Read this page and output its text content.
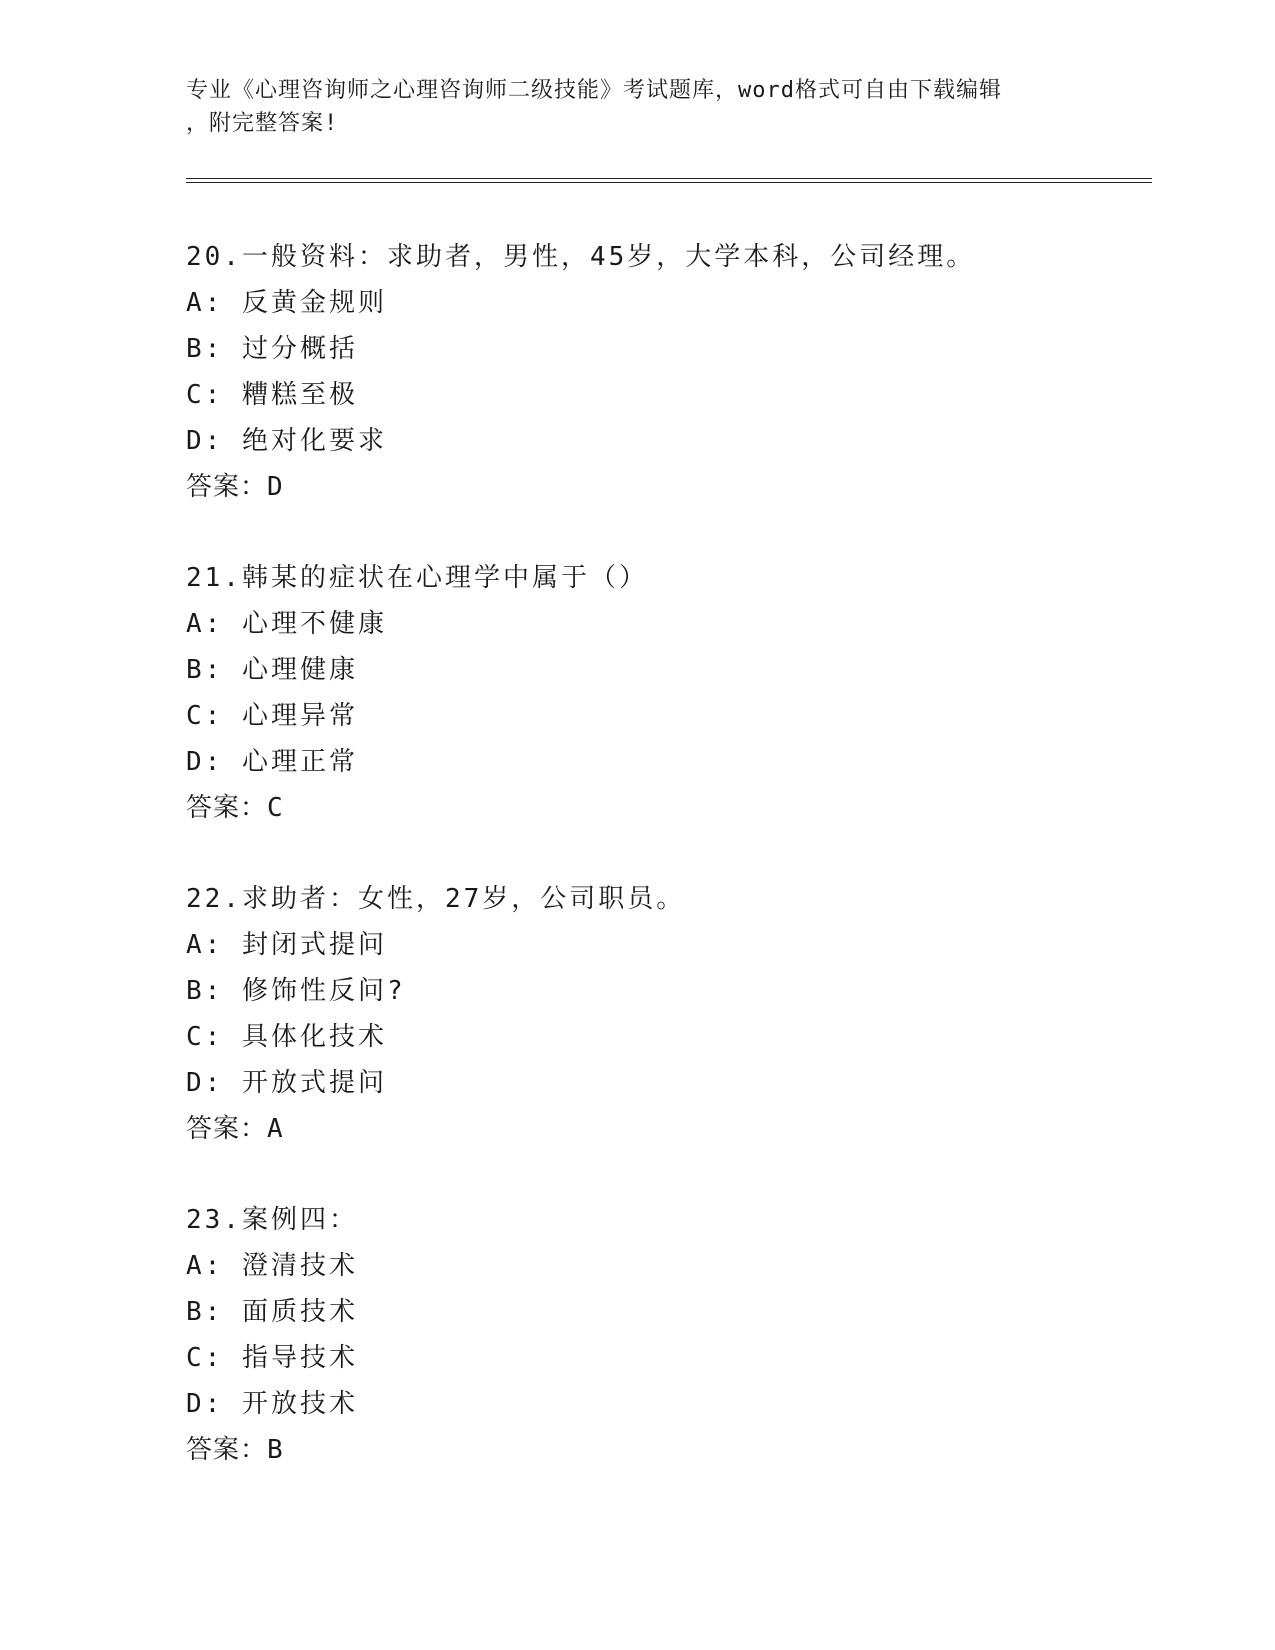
专业《心理咨询师之心理咨询师二级技能》考试题库，word格式可自由下载编辑
，附完整答案!
20.一般资料：求助者，男性，45岁，大学本科，公司经理。
A: 反黄金规则
B: 过分概括
C: 糟糕至极
D: 绝对化要求
答案：D
21.韩某的症状在心理学中属于（）
A: 心理不健康
B: 心理健康
C: 心理异常
D: 心理正常
答案：C
22.求助者：女性，27岁，公司职员。
A: 封闭式提问
B: 修饰性反问?
C: 具体化技术
D: 开放式提问
答案：A
23.案例四：
A: 澄清技术
B: 面质技术
C: 指导技术
D: 开放技术
答案：B
